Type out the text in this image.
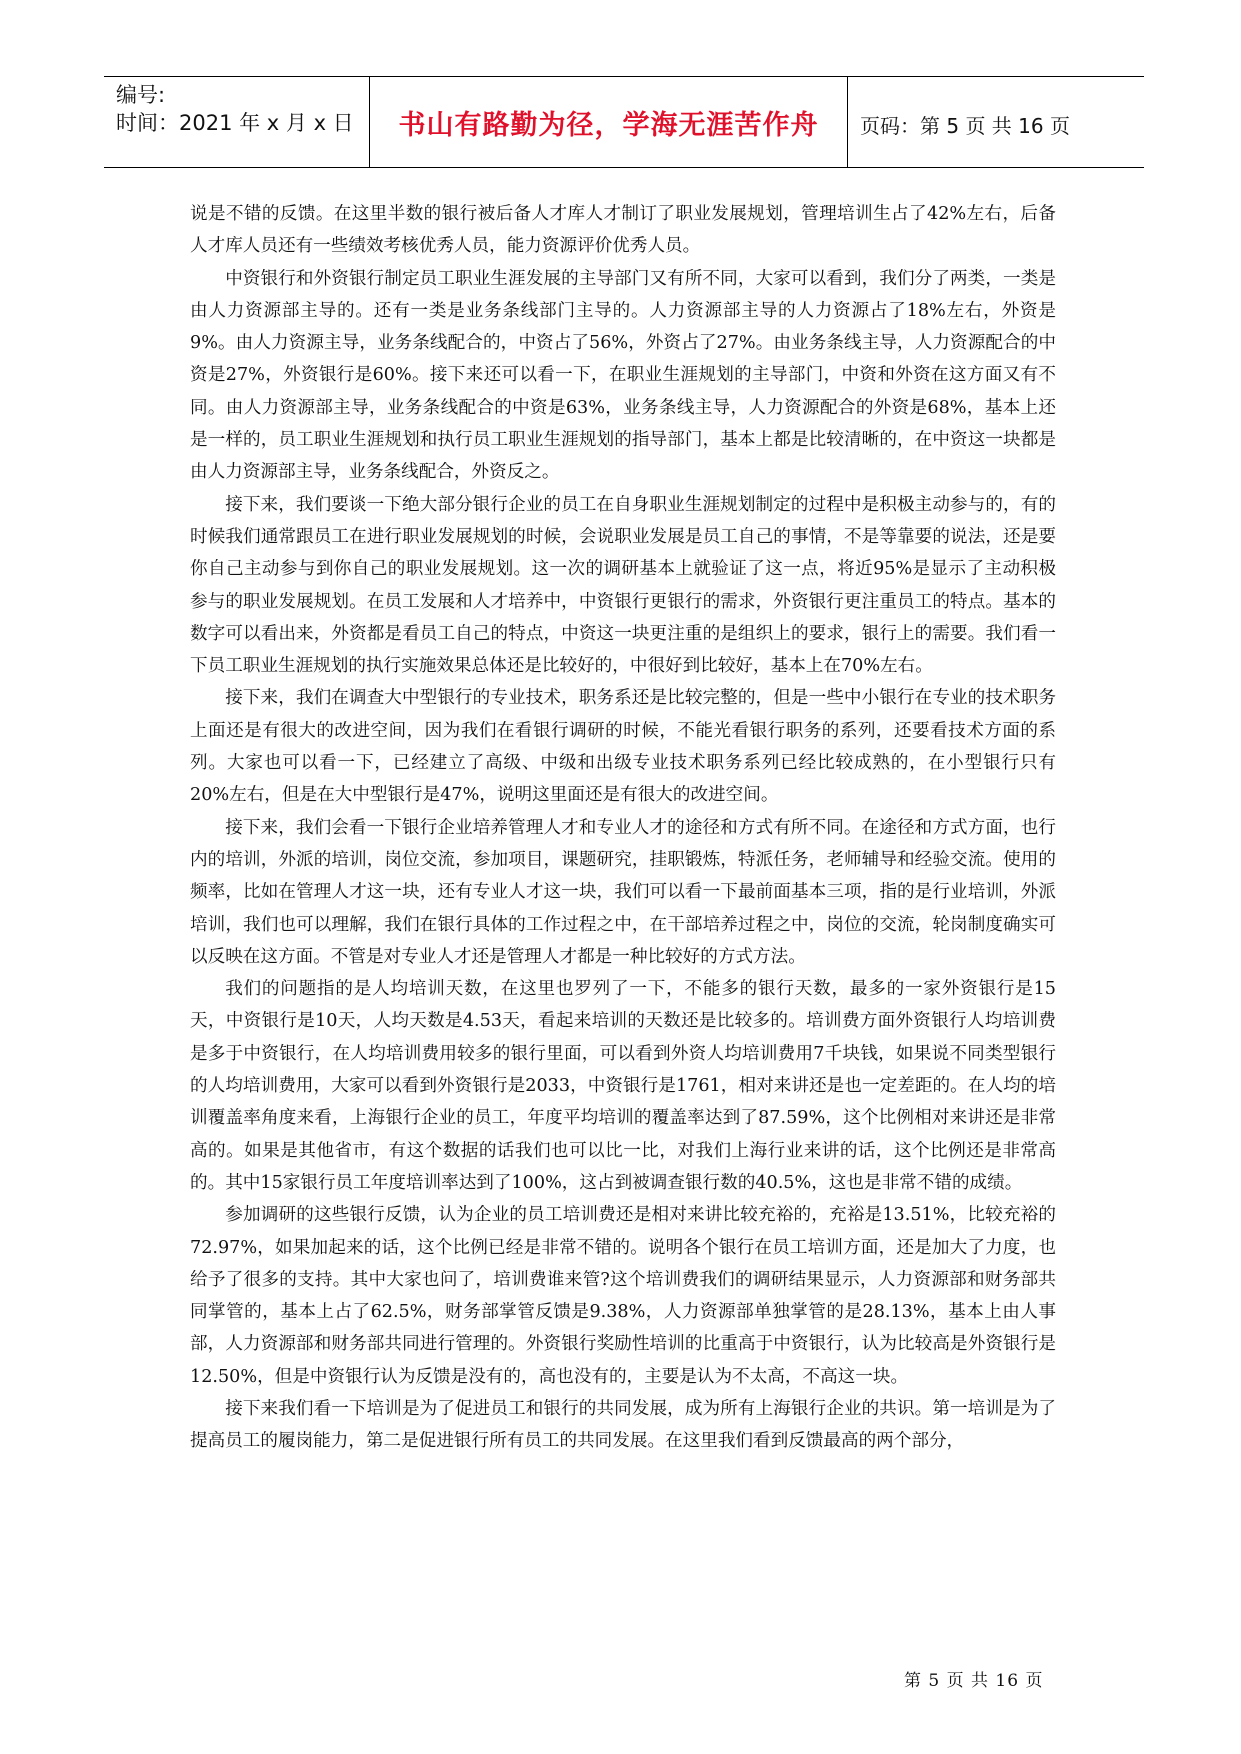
编号:
时间：2021 年 x 月 x 日	书山有路勤为径，学海无涯苦作舟	页码：第 5 页 共 16 页

说是不错的反馈。在这里半数的银行被后备人才库人才制订了职业发展规划，管理培训生占了42%左右，后备人才库人员还有一些绩效考核优秀人员，能力资源评价优秀人员。

中资银行和外资银行制定员工职业生涯发展的主导部门又有所不同，大家可以看到，我们分了两类，一类是由人力资源部主导的。还有一类是业务条线部门主导的。人力资源部主导的人力资源占了18%左右，外资是9%。由人力资源主导，业务条线配合的，中资占了56%，外资占了27%。由业务条线主导，人力资源配合的中资是27%，外资银行是60%。接下来还可以看一下，在职业生涯规划的主导部门，中资和外资在这方面又有不同。由人力资源部主导，业务条线配合的中资是63%，业务条线主导，人力资源配合的外资是68%，基本上还是一样的，员工职业生涯规划和执行员工职业生涯规划的指导部门，基本上都是比较清晰的，在中资这一块都是由人力资源部主导，业务条线配合，外资反之。

接下来，我们要谈一下绝大部分银行企业的员工在自身职业生涯规划制定的过程中是积极主动参与的，有的时候我们通常跟员工在进行职业发展规划的时候，会说职业发展是员工自己的事情，不是等靠要的说法，还是要你自己主动参与到你自己的职业发展规划。这一次的调研基本上就验证了这一点，将近95%是显示了主动积极参与的职业发展规划。在员工发展和人才培养中，中资银行更银行的需求，外资银行更注重员工的特点。基本的数字可以看出来，外资都是看员工自己的特点，中资这一块更注重的是组织上的要求，银行上的需要。我们看一下员工职业生涯规划的执行实施效果总体还是比较好的，中很好到比较好，基本上在70%左右。

接下来，我们在调查大中型银行的专业技术，职务系还是比较完整的，但是一些中小银行在专业的技术职务上面还是有很大的改进空间，因为我们在看银行调研的时候，不能光看银行职务的系列，还要看技术方面的系列。大家也可以看一下，已经建立了高级、中级和出级专业技术职务系列已经比较成熟的，在小型银行只有20%左右，但是在大中型银行是47%，说明这里面还是有很大的改进空间。

接下来，我们会看一下银行企业培养管理人才和专业人才的途径和方式有所不同。在途径和方式方面，也行内的培训，外派的培训，岗位交流，参加项目，课题研究，挂职锻炼，特派任务，老师辅导和经验交流。使用的频率，比如在管理人才这一块，还有专业人才这一块，我们可以看一下最前面基本三项，指的是行业培训，外派培训，我们也可以理解，我们在银行具体的工作过程之中，在干部培养过程之中，岗位的交流，轮岗制度确实可以反映在这方面。不管是对专业人才还是管理人才都是一种比较好的方式方法。

我们的问题指的是人均培训天数，在这里也罗列了一下，不能多的银行天数，最多的一家外资银行是15天，中资银行是10天，人均天数是4.53天，看起来培训的天数还是比较多的。培训费方面外资银行人均培训费是多于中资银行，在人均培训费用较多的银行里面，可以看到外资人均培训费用7千块钱，如果说不同类型银行的人均培训费用，大家可以看到外资银行是2033，中资银行是1761，相对来讲还是也一定差距的。在人均的培训覆盖率角度来看，上海银行企业的员工，年度平均培训的覆盖率达到了87.59%，这个比例相对来讲还是非常高的。如果是其他省市，有这个数据的话我们也可以比一比，对我们上海行业来讲的话，这个比例还是非常高的。其中15家银行员工年度培训率达到了100%，这占到被调查银行数的40.5%，这也是非常不错的成绩。

参加调研的这些银行反馈，认为企业的员工培训费还是相对来讲比较充裕的，充裕是13.51%，比较充裕的72.97%，如果加起来的话，这个比例已经是非常不错的。说明各个银行在员工培训方面，还是加大了力度，也给予了很多的支持。其中大家也问了，培训费谁来管?这个培训费我们的调研结果显示，人力资源部和财务部共同掌管的，基本上占了62.5%，财务部掌管反馈是9.38%，人力资源部单独掌管的是28.13%，基本上由人事部，人力资源部和财务部共同进行管理的。外资银行奖励性培训的比重高于中资银行，认为比较高是外资银行是12.50%，但是中资银行认为反馈是没有的，高也没有的，主要是认为不太高，不高这一块。

接下来我们看一下培训是为了促进员工和银行的共同发展，成为所有上海银行企业的共识。第一培训是为了提高员工的履岗能力，第二是促进银行所有员工的共同发展。在这里我们看到反馈最高的两个部分，

第 5 页 共 16 页
